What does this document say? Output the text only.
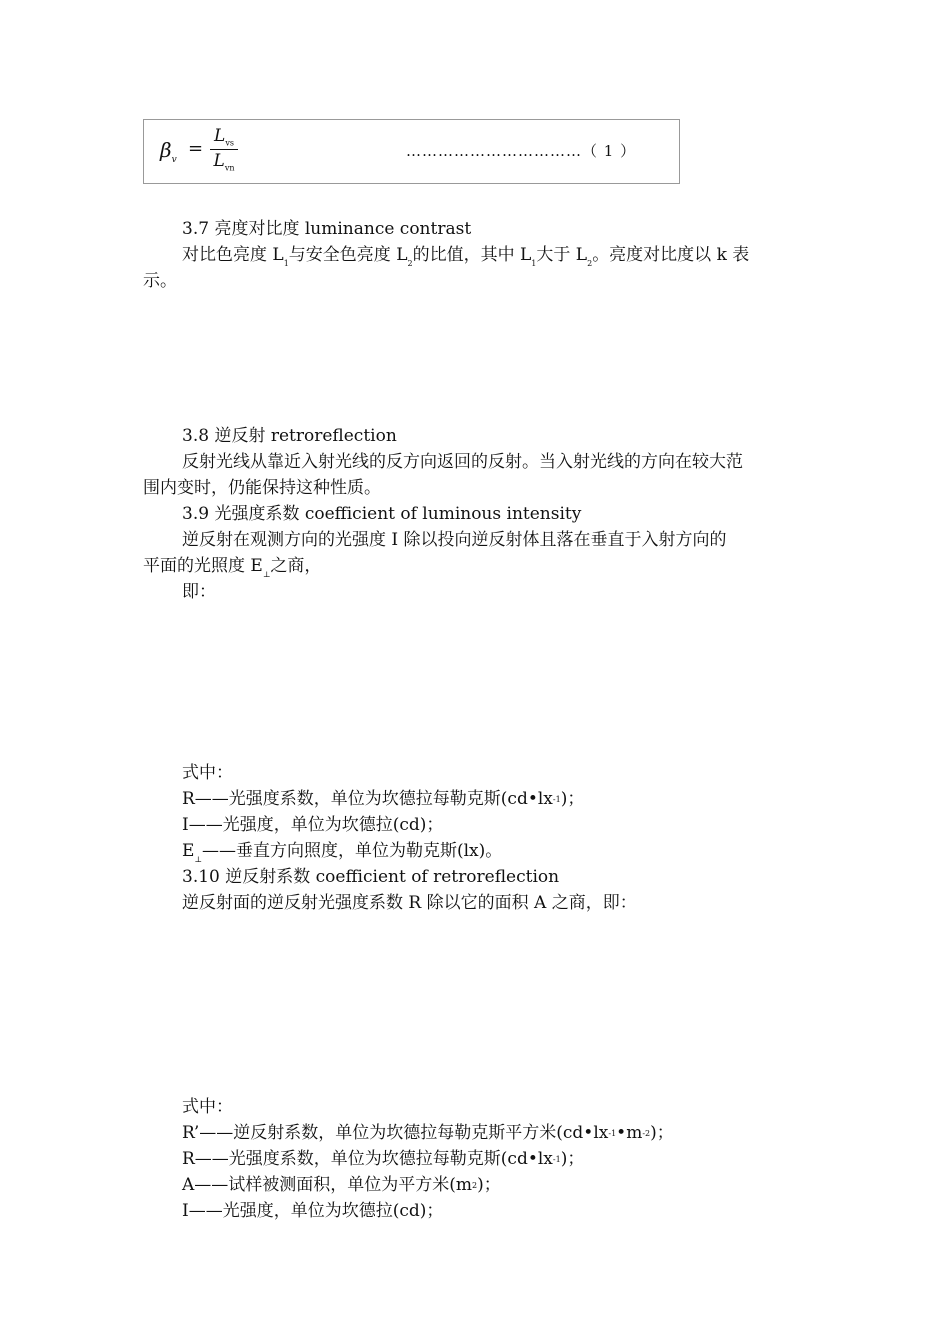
$\beta_v$
=
$L_{vs}$
$L_{vn}$
……………………………（ 1 ）
3.7 亮度对比度 luminance contrast
对比色亮度 $L_1$与安全色亮度 $L_2$的比值，其中 $L_1$大于 $L_2$。亮度对比度以 k 表
示。
3.8 逆反射 retroreflection
反射光线从靠近入射光线的反方向返回的反射。当入射光线的方向在较大范
围内变时，仍能保持这种性质。
3.9 光强度系数 coefficient of luminous intensity
逆反射在观测方向的光强度 I 除以投向逆反射体且落在垂直于入射方向的
平面的光照度 $E_\perp$之商，
即：
式中：
R——光强度系数，单位为坎德拉每勒克斯$(cd•lx^{-1})$；
I——光强度，单位为坎德拉(cd)；
$E_\perp——$垂直方向照度，单位为勒克斯(lx)。
3.10 逆反射系数 coefficient of retroreflection
逆反射面的逆反射光强度系数 R 除以它的面积 A 之商，即：
式中：
R’——逆反射系数，单位为坎德拉每勒克斯平方米$(cd•lx^{-1}•m^{-2})$；
R——光强度系数，单位为坎德拉每勒克斯$(cd•lx^{-1})$；
A——试样被测面积，单位为平方米$(m^2)$；
I——光强度，单位为坎德拉(cd)；
